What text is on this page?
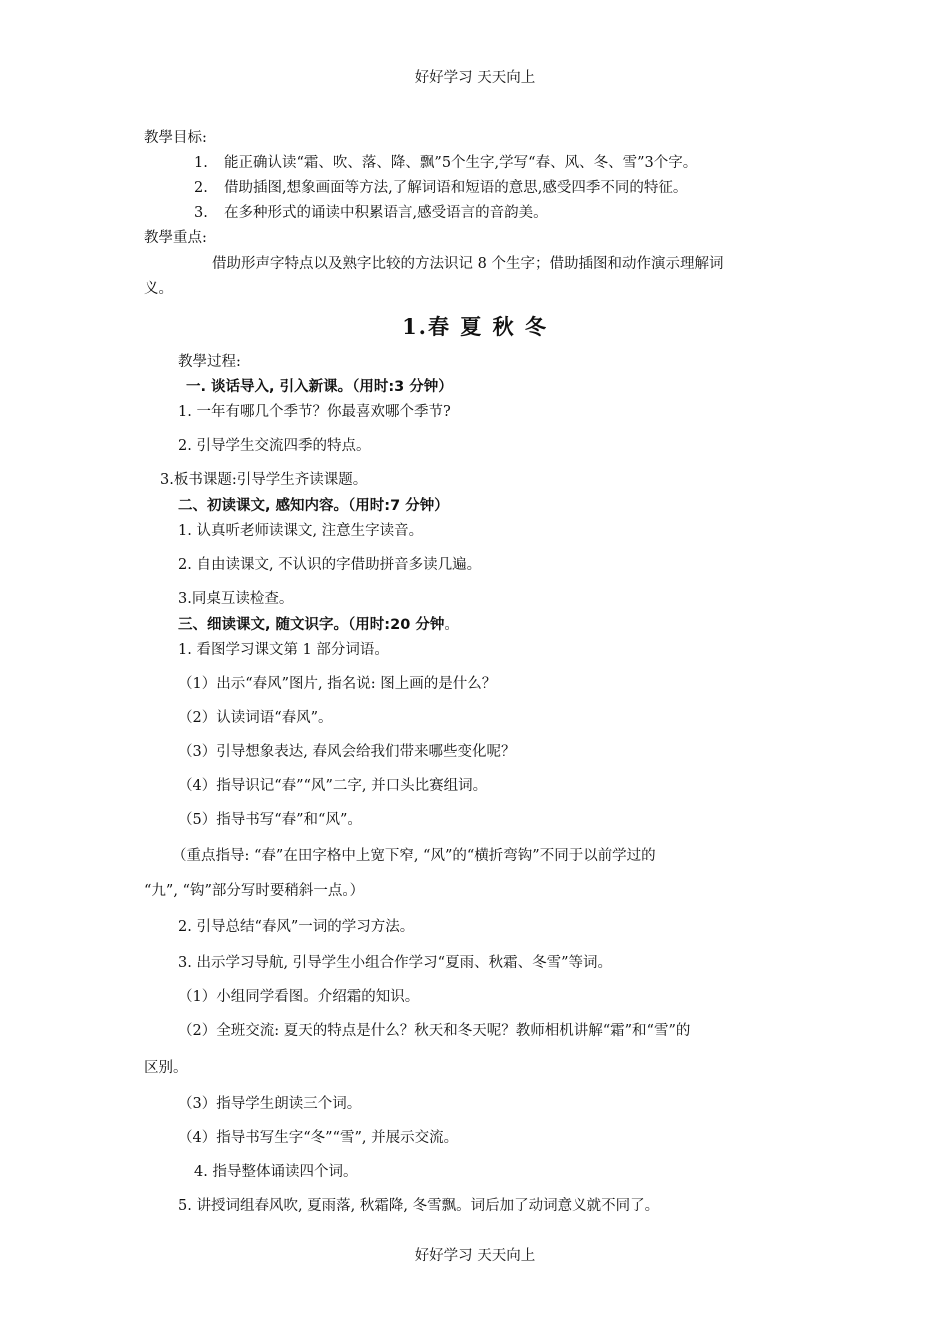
好好学习 天天向上
教學目标:
1. 能正确认读“霜、吹、落、降、飘”5个生字,学写“春、风、冬、雪”3个字。
2. 借助插图,想象画面等方法,了解词语和短语的意思,感受四季不同的特征。
3. 在多种形式的诵读中积累语言,感受语言的音韵美。
教學重点:
借助形声字特点以及熟字比较的方法识记 8 个生字；借助插图和动作演示理解词
义。
1.春 夏 秋 冬
教學过程:
一. 谈话导入, 引入新课。（用时:3 分钟）
1. 一年有哪几个季节？你最喜欢哪个季节?
2. 引导学生交流四季的特点。
3.板书课题:引导学生齐读课题。
二、初读课文, 感知内容。（用时:7 分钟）
1. 认真听老师读课文, 注意生字读音。
2. 自由读课文, 不认识的字借助拼音多读几遍。
3.同桌互读检查。
三、细读课文, 随文识字。（用时:20 分钟。
1. 看图学习课文第 1 部分词语。
（1）出示“春风”图片, 指名说: 图上画的是什么？
（2）认读词语“春风”。
（3）引导想象表达, 春风会给我们带来哪些变化呢？
（4）指导识记“春”“风”二字, 并口头比赛组词。
（5）指导书写“春”和“风”。
（重点指导: “春”在田字格中上宽下窄, “风”的“横折弯钩”不同于以前学过的
“九”, “钩”部分写时要稍斜一点。）
2. 引导总结“春风”一词的学习方法。
3. 出示学习导航, 引导学生小组合作学习“夏雨、秋霜、冬雪”等词。
（1）小组同学看图。介绍霜的知识。
（2）全班交流: 夏天的特点是什么？秋天和冬天呢？教师相机讲解“霜”和“雪”的
区别。
（3）指导学生朗读三个词。
（4）指导书写生字“冬”“雪”, 并展示交流。
4. 指导整体诵读四个词。
5. 讲授词组春风吹, 夏雨落, 秋霜降, 冬雪飘。词后加了动词意义就不同了。
好好学习 天天向上
